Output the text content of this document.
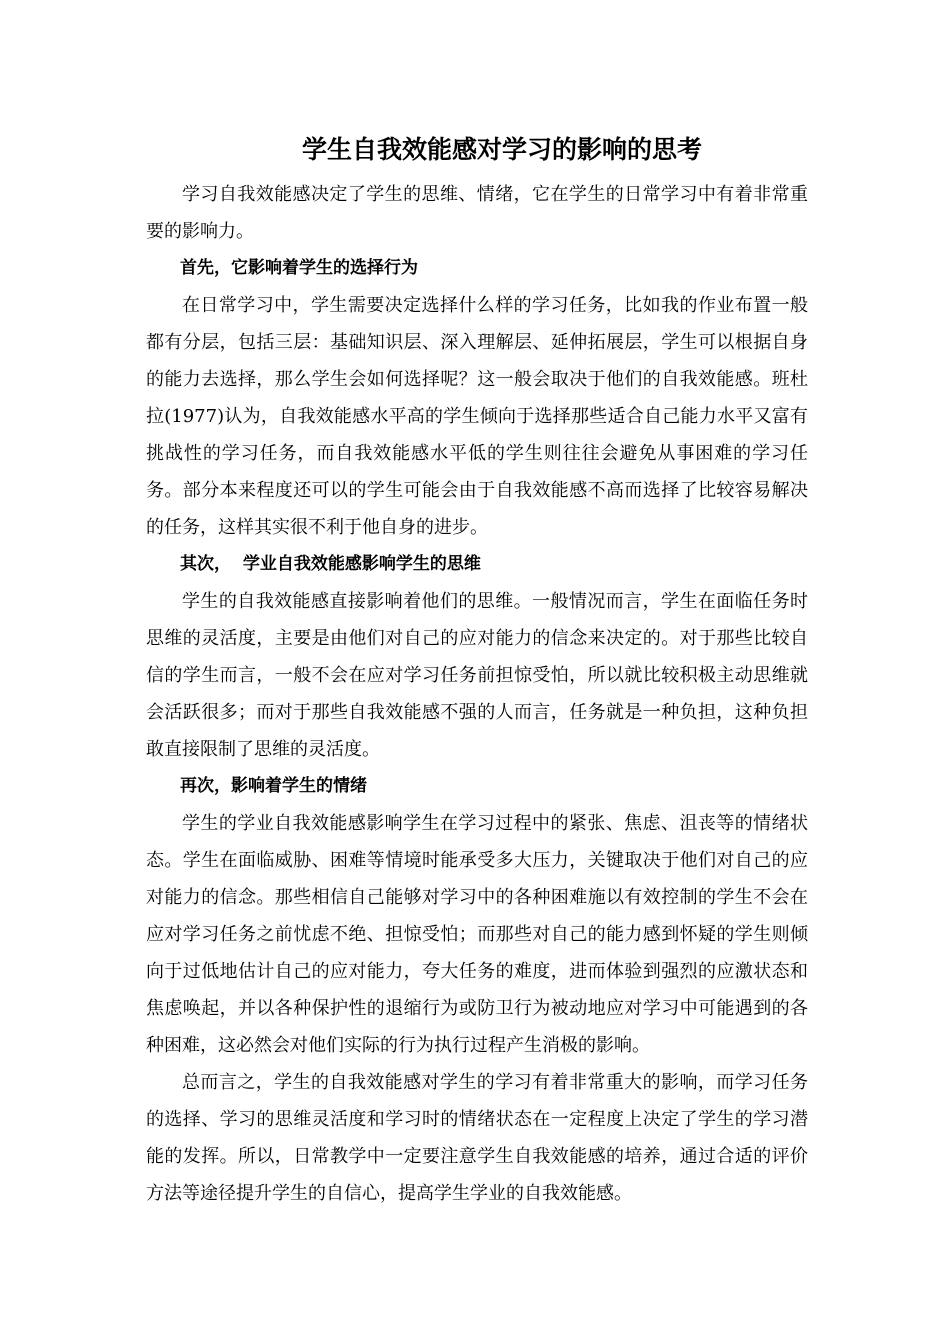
学生自我效能感对学习的影响的思考

学习自我效能感决定了学生的思维、情绪，它在学生的日常学习中有着非常重要的影响力。

首先，它影响着学生的选择行为

在日常学习中，学生需要决定选择什么样的学习任务，比如我的作业布置一般都有分层，包括三层：基础知识层、深入理解层、延伸拓展层，学生可以根据自身的能力去选择，那么学生会如何选择呢？这一般会取决于他们的自我效能感。班杜拉(1977)认为，自我效能感水平高的学生倾向于选择那些适合自己能力水平又富有挑战性的学习任务，而自我效能感水平低的学生则往往会避免从事困难的学习任务。部分本来程度还可以的学生可能会由于自我效能感不高而选择了比较容易解决的任务，这样其实很不利于他自身的进步。

其次，  学业自我效能感影响学生的思维

学生的自我效能感直接影响着他们的思维。一般情况而言，学生在面临任务时思维的灵活度，主要是由他们对自己的应对能力的信念来决定的。对于那些比较自信的学生而言，一般不会在应对学习任务前担惊受怕，所以就比较积极主动思维就会活跃很多；而对于那些自我效能感不强的人而言，任务就是一种负担，这种负担敢直接限制了思维的灵活度。

再次，影响着学生的情绪

学生的学业自我效能感影响学生在学习过程中的紧张、焦虑、沮丧等的情绪状态。学生在面临威胁、困难等情境时能承受多大压力，关键取决于他们对自己的应对能力的信念。那些相信自己能够对学习中的各种困难施以有效控制的学生不会在应对学习任务之前忧虑不绝、担惊受怕；而那些对自己的能力感到怀疑的学生则倾向于过低地估计自己的应对能力，夸大任务的难度，进而体验到强烈的应激状态和焦虑唤起，并以各种保护性的退缩行为或防卫行为被动地应对学习中可能遇到的各种困难，这必然会对他们实际的行为执行过程产生消极的影响。

总而言之，学生的自我效能感对学生的学习有着非常重大的影响，而学习任务的选择、学习的思维灵活度和学习时的情绪状态在一定程度上决定了学生的学习潜能的发挥。所以，日常教学中一定要注意学生自我效能感的培养，通过合适的评价方法等途径提升学生的自信心，提高学生学业的自我效能感。
